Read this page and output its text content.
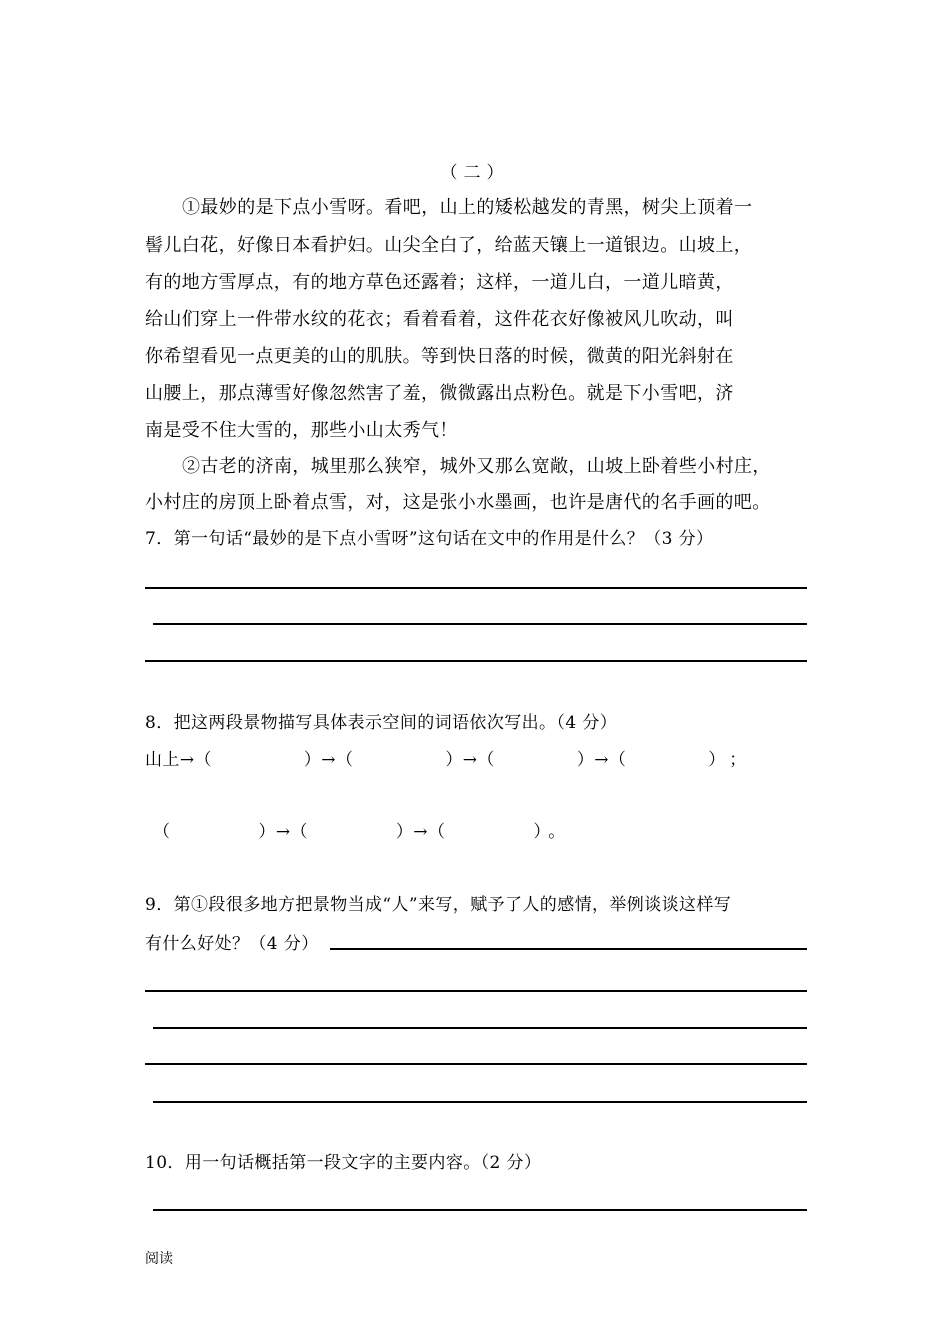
（二）
①最妙的是下点小雪呀。看吧，山上的矮松越发的青黑，树尖上顶着一
髻儿白花，好像日本看护妇。山尖全白了，给蓝天镶上一道银边。山坡上，
有的地方雪厚点，有的地方草色还露着；这样，一道儿白，一道儿暗黄，
给山们穿上一件带水纹的花衣；看着看着，这件花衣好像被风儿吹动，叫
你希望看见一点更美的山的肌肤。等到快日落的时候，微黄的阳光斜射在
山腰上，那点薄雪好像忽然害了羞，微微露出点粉色。就是下小雪吧，济
南是受不住大雪的，那些小山太秀气！
②古老的济南，城里那么狭窄，城外又那么宽敞，山坡上卧着些小村庄，
小村庄的房顶上卧着点雪，对，这是张小水墨画，也许是唐代的名手画的吧。
7．第一句话“最妙的是下点小雪呀”这句话在文中的作用是什么？（3 分）
8．把这两段景物描写具体表示空间的词语依次写出。（4 分）
山上→（	）→（	）→（	）→（	） ；
（	）→（	）→（	） 。
9．第①段很多地方把景物当成“人”来写，赋予了人的感情，举例谈谈这样写
有什么好处？（4 分）
10．用一句话概括第一段文字的主要内容。（2 分）
阅读
